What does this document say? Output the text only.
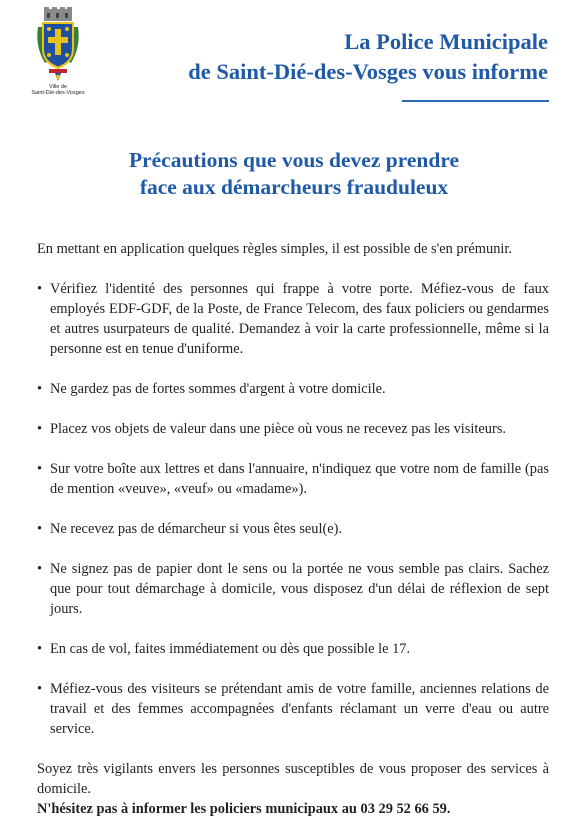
Ville de
Saint-Dié-des-Vosges
La Police Municipale
de Saint-Dié-des-Vosges vous informe
Précautions que vous devez prendre
face aux démarcheurs frauduleux

En mettant en application quelques règles simples, il est possible de s'en prémunir.

• Vérifiez l'identité des personnes qui frappe à votre porte. Méfiez-vous de faux employés EDF-GDF, de la Poste, de France Telecom, des faux policiers ou gendarmes et autres usurpateurs de qualité. Demandez à voir la carte professionnelle, même si la personne est en tenue d'uniforme.
• Ne gardez pas de fortes sommes d'argent à votre domicile.
• Placez vos objets de valeur dans une pièce où vous ne recevez pas les visiteurs.
• Sur votre boîte aux lettres et dans l'annuaire, n'indiquez que votre nom de famille (pas de mention «veuve», «veuf» ou «madame»).
• Ne recevez pas de démarcheur si vous êtes seul(e).
• Ne signez pas de papier dont le sens ou la portée ne vous semble pas clairs. Sachez que pour tout démarchage à domicile, vous disposez d'un délai de réflexion de sept jours.
• En cas de vol, faites immédiatement ou dès que possible le 17.
• Méfiez-vous des visiteurs se prétendant amis de votre famille, anciennes relations de travail et des femmes accompagnées d'enfants réclamant un verre d'eau ou autre service.

Soyez très vigilants envers les personnes susceptibles de vous proposer des services à domicile.

N'hésitez pas à informer les policiers municipaux au 03 29 52 66 59.
